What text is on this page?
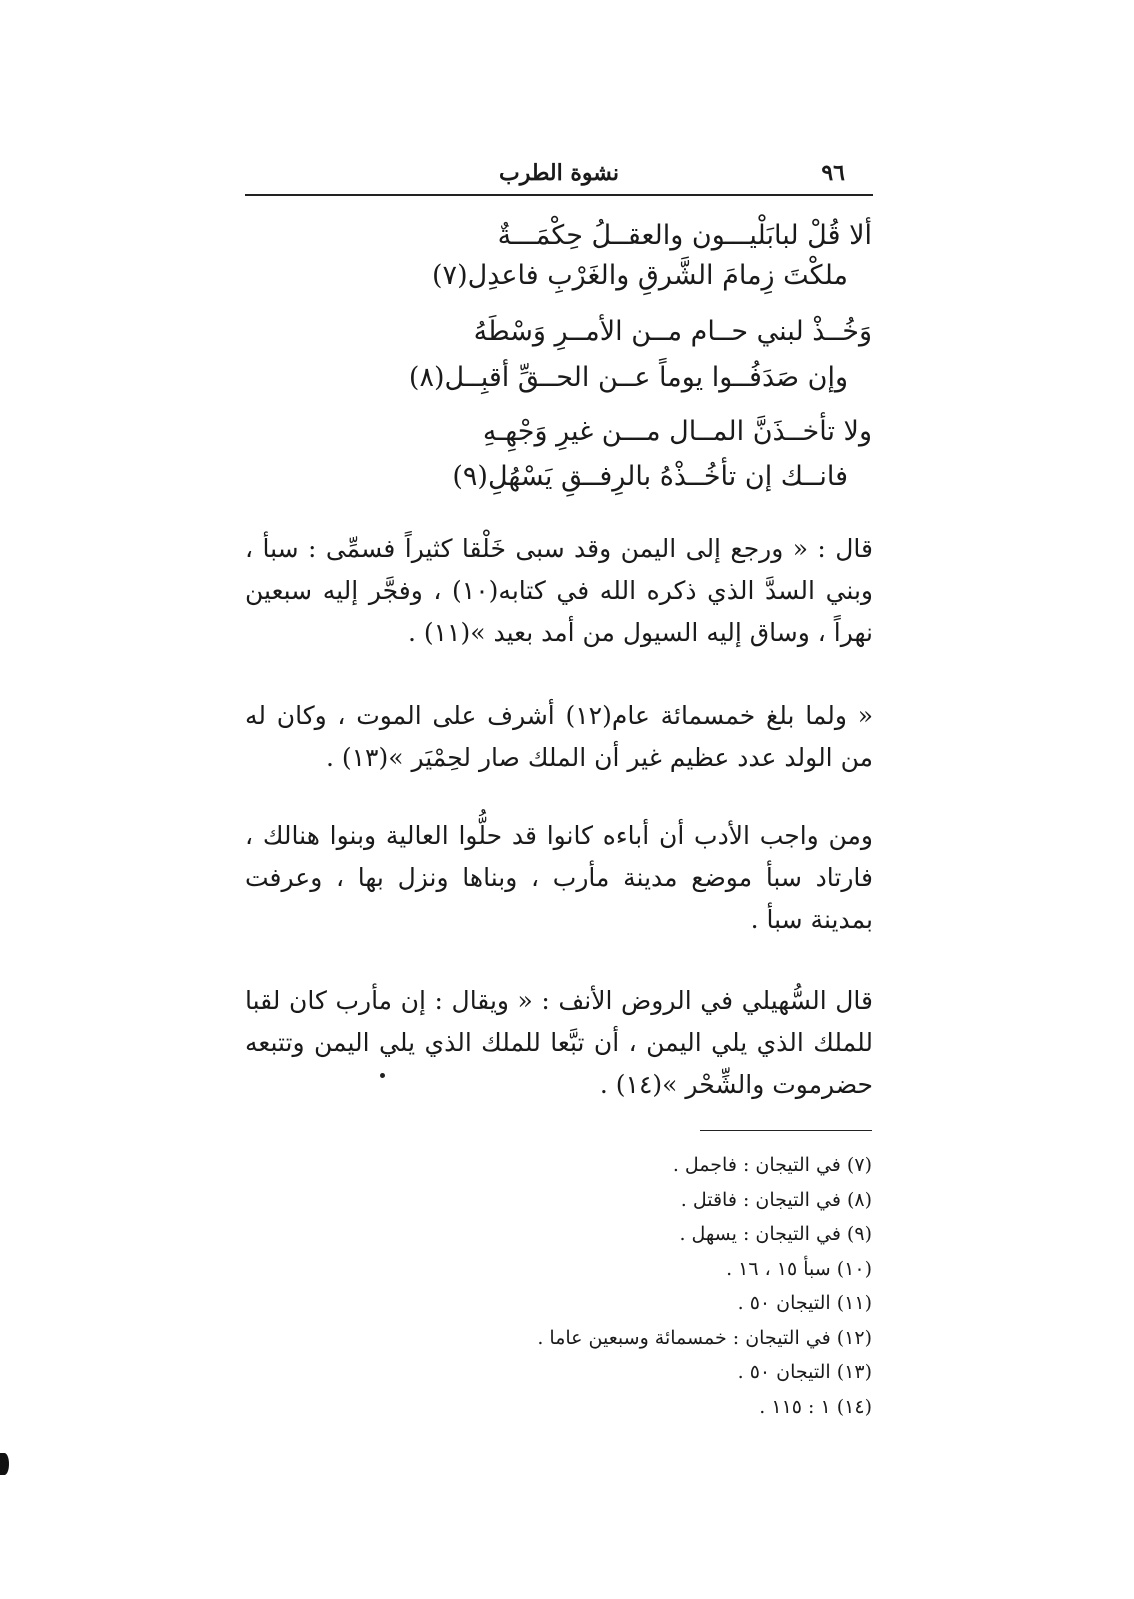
نشوة الطرب	٩٦
ألا قُلْ لبابَلْيـــون والعقــلُ حِكْمَـــةٌ
ملكْتَ زِمامَ الشَّرقِ والغَرْبِ فاعدِل(٧)
وَخُــذْ لبني حــام مــن الأمــرِ وَسْطَهُ
وإن صَدَفُــوا يوماً عــن الحــقِّ أقبِــل(٨)
ولا تأخــذَنَّ المــال مـــن غيرِ وَجْهِـهِ
فانــك إن تأخُــذْهُ بالرِفــقِ يَسْهُلِ(٩)

قال : « ورجع إلى اليمن وقد سبى خَلْقا كثيراً فسمِّى : سبأ ، وبني السدَّ الذي ذكره الله في كتابه(١٠) ، وفجَّر إليه سبعين نهراً ، وساق إليه السيول من أمد بعيد »(١١) .

« ولما بلغ خمسمائة عام(١٢) أشرف على الموت ، وكان له من الولد عدد عظيم غير أن الملك صار لحِمْيَر »(١٣) .

ومن واجب الأدب أن أباءه كانوا قد حلُّوا العالية وبنوا هنالك ، فارتاد سبأ موضع مدينة مأرب ، وبناها ونزل بها ، وعرفت بمدينة سبأ .

قال السُّهيلي في الروض الأنف : « ويقال : إن مأرب كان لقبا للملك الذي يلي اليمن ، أن تبَّعا للملك الذي يلي اليمن وتتبعه حضرموت والشِّحْر »(١٤) .

(٧) في التيجان : فاجمل .
(٨) في التيجان : فاقتل .
(٩) في التيجان : يسهل .
(١٠) سبأ ١٥ ، ١٦ .
(١١) التيجان ٥٠ .
(١٢) في التيجان : خمسمائة وسبعين عاما .
(١٣) التيجان ٥٠ .
(١٤) ١ : ١١٥ .
